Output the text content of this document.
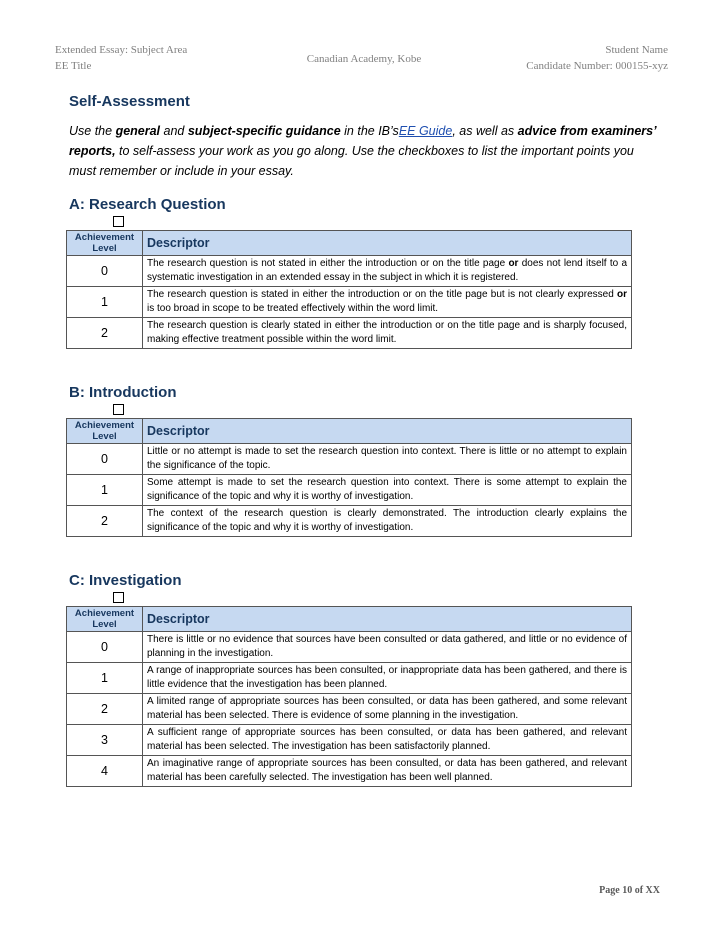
Extended Essay: Subject Area
EE Title
Canadian Academy, Kobe
Student Name
Candidate Number: 000155-xyz
Self-Assessment

Use the general and subject-specific guidance in the IB’sEE Guide, as well as advice from examiners’ reports, to self-assess your work as you go along. Use the checkboxes to list the important points you must remember or include in your essay.

A: Research Question
Achievement Level	Descriptor
0	The research question is not stated in either the introduction or on the title page or does not lend itself to a systematic investigation in an extended essay in the subject in which it is registered.
1	The research question is stated in either the introduction or on the title page but is not clearly expressed or is too broad in scope to be treated effectively within the word limit.
2	The research question is clearly stated in either the introduction or on the title page and is sharply focused, making effective treatment possible within the word limit.
B: Introduction
Achievement Level	Descriptor
0	Little or no attempt is made to set the research question into context. There is little or no attempt to explain the significance of the topic.
1	Some attempt is made to set the research question into context. There is some attempt to explain the significance of the topic and why it is worthy of investigation.
2	The context of the research question is clearly demonstrated. The introduction clearly explains the significance of the topic and why it is worthy of investigation.
C: Investigation
Achievement Level	Descriptor
0	There is little or no evidence that sources have been consulted or data gathered, and little or no evidence of planning in the investigation.
1	A range of inappropriate sources has been consulted, or inappropriate data has been gathered, and there is little evidence that the investigation has been planned.
2	A limited range of appropriate sources has been consulted, or data has been gathered, and some relevant material has been selected. There is evidence of some planning in the investigation.
3	A sufficient range of appropriate sources has been consulted, or data has been gathered, and relevant material has been selected. The investigation has been satisfactorily planned.
4	An imaginative range of appropriate sources has been consulted, or data has been gathered, and relevant material has been carefully selected. The investigation has been well planned.
Page 10 of XX
